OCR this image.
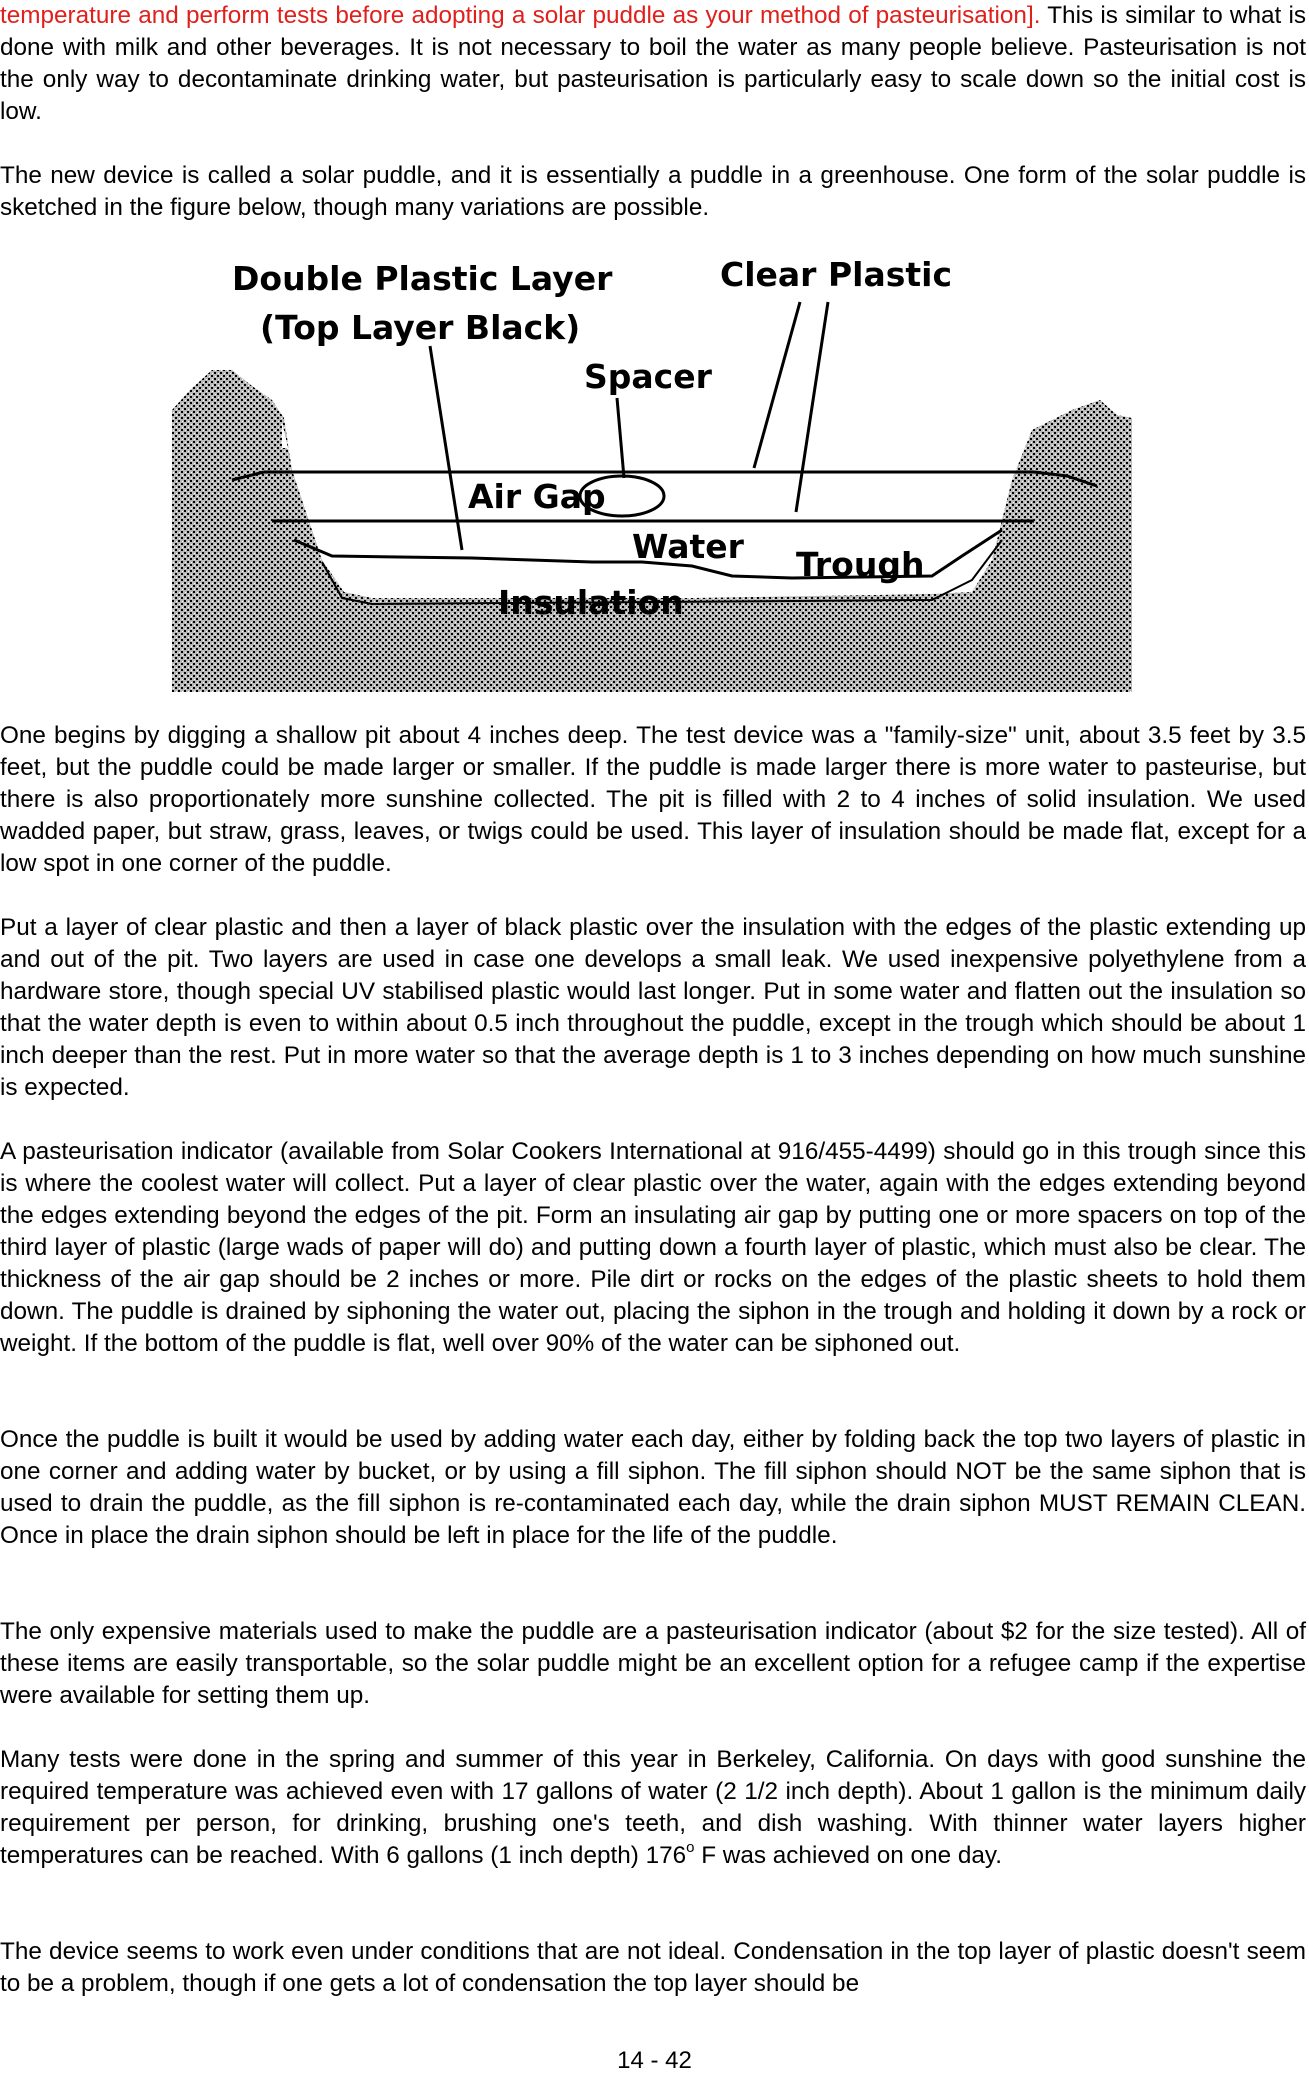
temperature and perform tests before adopting a solar puddle as your method of pasteurisation]. This is similar to what is done with milk and other beverages. It is not necessary to boil the water as many people believe. Pasteurisation is not the only way to decontaminate drinking water, but pasteurisation is particularly easy to scale down so the initial cost is low.

The new device is called a solar puddle, and it is essentially a puddle in a greenhouse. One form of the solar puddle is sketched in the figure below, though many variations are possible.

Double Plastic Layer
(Top Layer Black)
Clear Plastic
Spacer
Air Gap
Water Trough
Insulation

One begins by digging a shallow pit about 4 inches deep. The test device was a "family-size" unit, about 3.5 feet by 3.5 feet, but the puddle could be made larger or smaller. If the puddle is made larger there is more water to pasteurise, but there is also proportionately more sunshine collected. The pit is filled with 2 to 4 inches of solid insulation. We used wadded paper, but straw, grass, leaves, or twigs could be used. This layer of insulation should be made flat, except for a low spot in one corner of the puddle.

Put a layer of clear plastic and then a layer of black plastic over the insulation with the edges of the plastic extending up and out of the pit. Two layers are used in case one develops a small leak. We used inexpensive polyethylene from a hardware store, though special UV stabilised plastic would last longer. Put in some water and flatten out the insulation so that the water depth is even to within about 0.5 inch throughout the puddle, except in the trough which should be about 1 inch deeper than the rest. Put in more water so that the average depth is 1 to 3 inches depending on how much sunshine is expected.

A pasteurisation indicator (available from Solar Cookers International at 916/455-4499) should go in this trough since this is where the coolest water will collect. Put a layer of clear plastic over the water, again with the edges extending beyond the edges extending beyond the edges of the pit. Form an insulating air gap by putting one or more spacers on top of the third layer of plastic (large wads of paper will do) and putting down a fourth layer of plastic, which must also be clear. The thickness of the air gap should be 2 inches or more. Pile dirt or rocks on the edges of the plastic sheets to hold them down. The puddle is drained by siphoning the water out, placing the siphon in the trough and holding it down by a rock or weight. If the bottom of the puddle is flat, well over 90% of the water can be siphoned out.

Once the puddle is built it would be used by adding water each day, either by folding back the top two layers of plastic in one corner and adding water by bucket, or by using a fill siphon. The fill siphon should NOT be the same siphon that is used to drain the puddle, as the fill siphon is re-contaminated each day, while the drain siphon MUST REMAIN CLEAN. Once in place the drain siphon should be left in place for the life of the puddle.

The only expensive materials used to make the puddle are a pasteurisation indicator (about $2 for the size tested). All of these items are easily transportable, so the solar puddle might be an excellent option for a refugee camp if the expertise were available for setting them up.

Many tests were done in the spring and summer of this year in Berkeley, California. On days with good sunshine the required temperature was achieved even with 17 gallons of water (2 1/2 inch depth). About 1 gallon is the minimum daily requirement per person, for drinking, brushing one's teeth, and dish washing. With thinner water layers higher temperatures can be reached. With 6 gallons (1 inch depth) 176$^o$ F was achieved on one day.

The device seems to work even under conditions that are not ideal. Condensation in the top layer of plastic doesn't seem to be a problem, though if one gets a lot of condensation the top layer should be

14 - 42
